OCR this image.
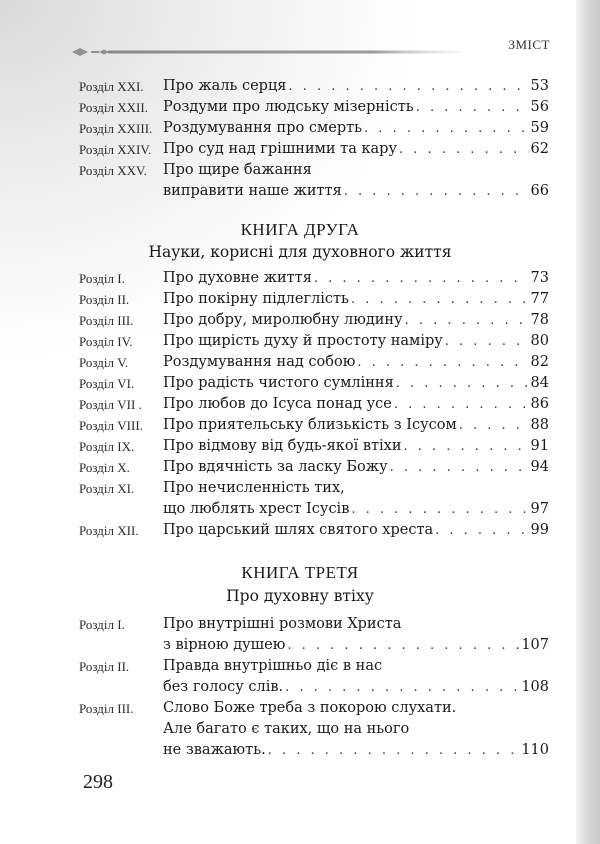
ЗМІСТ
Розділ XXI. Про жаль серця . . .	53
Розділ XXII. Роздуми про людську мізерність . . .	56
Розділ XXIII. Роздумування про смерть . . .	59
Розділ XXIV. Про суд над грішними та кару . . .	62
Розділ XXV. Про щире бажання
виправити наше життя . . .	66
КНИГА ДРУГА
Науки, корисні для духовного життя
Розділ I.	Про духовне життя . . .	73
Розділ II. Про покірну підлеглість . . .	77
Розділ III. Про добру, миролюбну людину . . .	78
Розділ IV. Про щирість духу й простоту наміру . . .	80
Розділ V. Роздумування над собою . . .	82
Розділ VI. Про радість чистого сумління . . .	84
Розділ VII . Про любов до Ісуса понад усе . . .	86
Розділ VIII. Про приятельську близькість з Ісусом . . .	88
Розділ IX. Про відмову від будь-якої втіхи . . .	91
Розділ X. Про вдячність за ласку Божу . . .	94
Розділ XI. Про нечисленність тих,
що люблять хрест Ісусів . . .	97
Розділ XII. Про царський шлях святого хреста . . .	99
КНИГА ТРЕТЯ
Про духовну втіху
Розділ I.	Про внутрішні розмови Христа
з вірною душею . . .	107
Розділ II. Правда внутрішньо діє в нас
без голосу слів. . . .	108
Розділ III. Слово Боже треба з покорою слухати.
Але багато є таких, що на нього
не зважають. . . .	110
298
